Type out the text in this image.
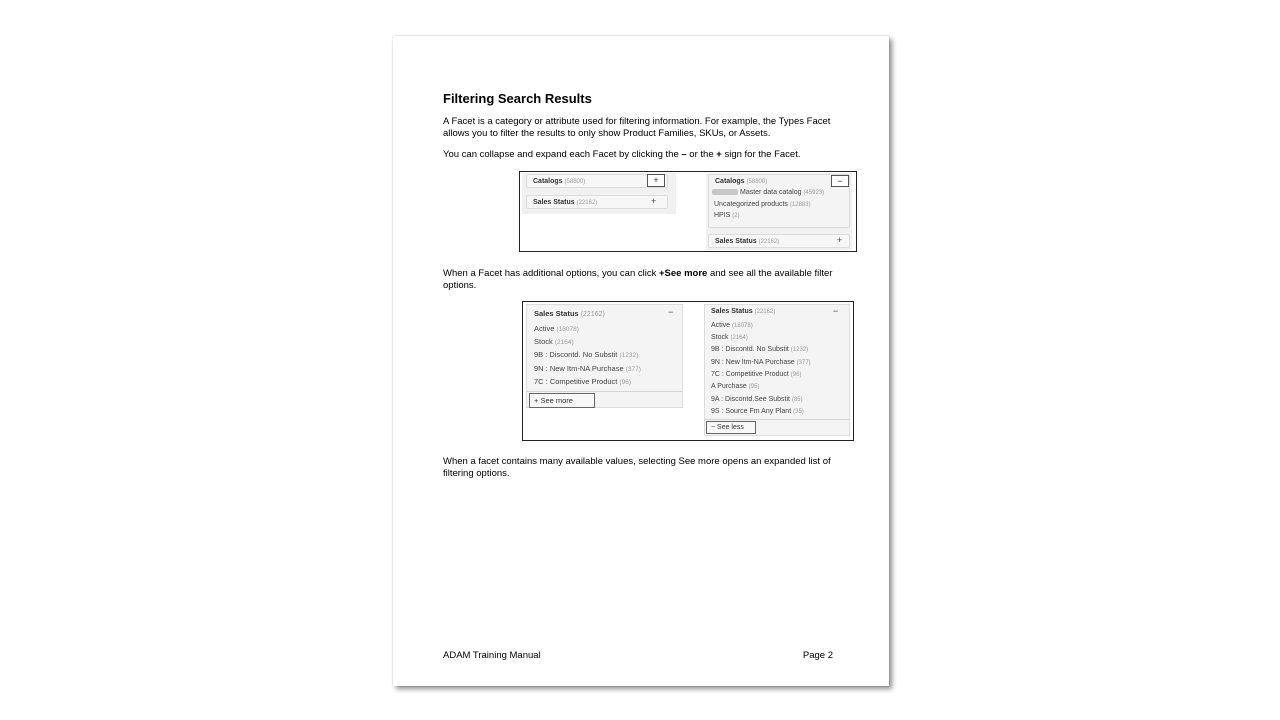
Filtering Search Results
A Facet is a category or attribute used for filtering information. For example, the Types Facet allows you to filter the results to only show Product Families, SKUs, or Assets.
You can collapse and expand each Facet by clicking the – or the + sign for the Facet.
Catalogs (58800)	+
Sales Status (22162)	+
Catalogs (58800)	−
Master data catalog (45923)
Uncategorized products (12883)
HPIS (2)
Sales Status (22162)	+
When a Facet has additional options, you can click +See more and see all the available filter options.
Sales Status (22162)	−
Active (18078)
Stock (2164)
9B : Discontd. No Substit (1232)
9N : New Itm-NA Purchase (377)
7C : Competitive Product (96)
+ See more
Sales Status (22162)	−
Active (18078)
Stock (2164)
9B : Discontd. No Substit (1232)
9N : New Itm-NA Purchase (377)
7C : Competitive Product (96)
A Purchase (95)
9A : Discontd.See Substit (85)
9S : Source Fm Any Plant (35)
− See less
When a facet contains many available values, selecting See more opens an expanded list of filtering options.
ADAM Training Manual	Page 2
